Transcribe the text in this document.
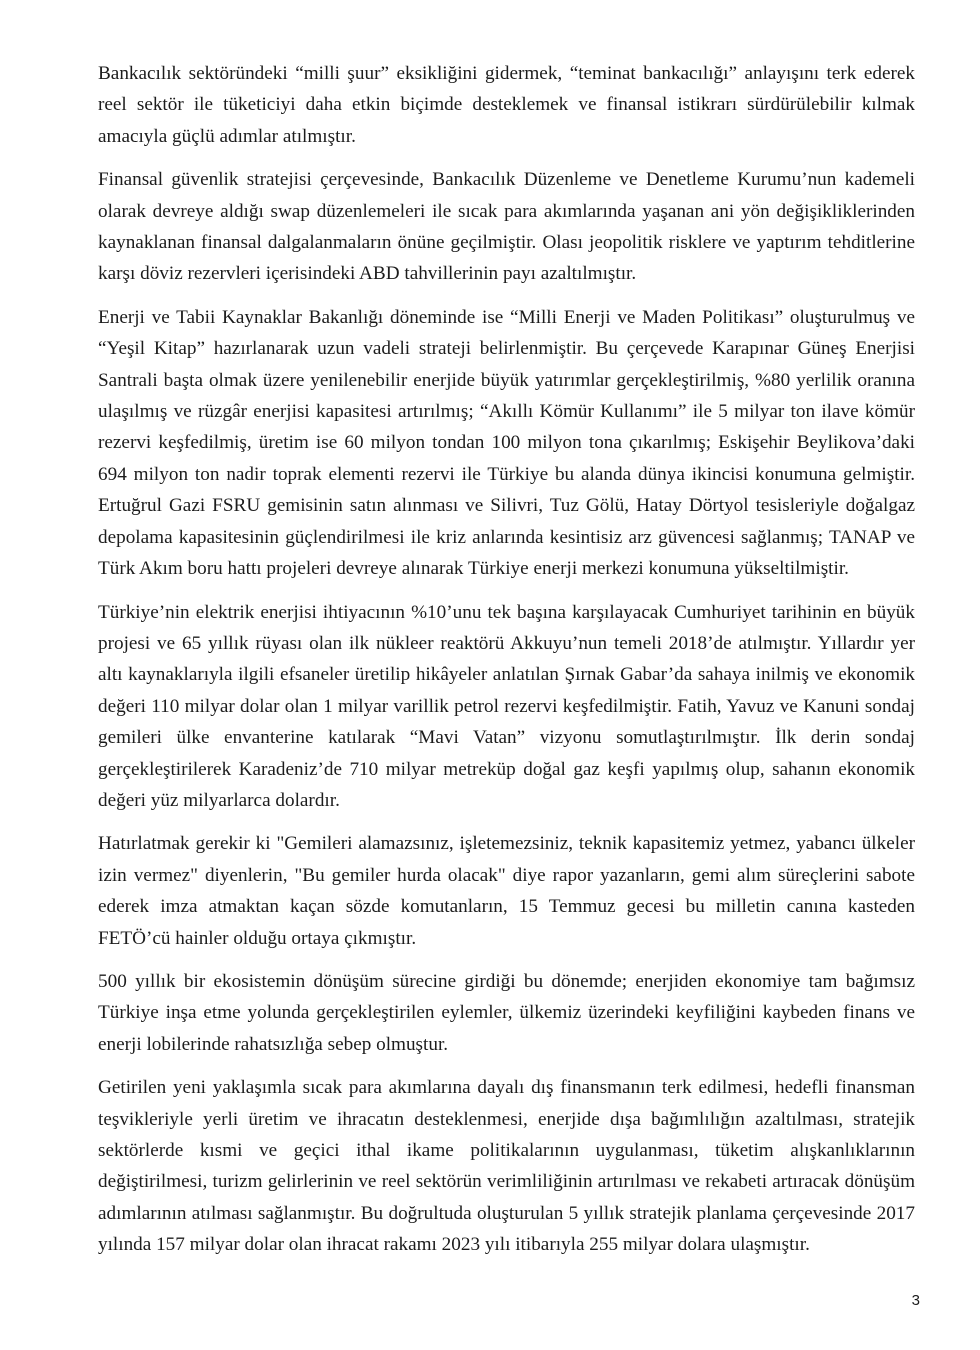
Bankacılık sektöründeki “milli şuur” eksikliğini gidermek, “teminat bankacılığı” anlayışını terk ederek reel sektör ile tüketiciyi daha etkin biçimde desteklemek ve finansal istikrarı sürdürülebilir kılmak amacıyla güçlü adımlar atılmıştır.

Finansal güvenlik stratejisi çerçevesinde, Bankacılık Düzenleme ve Denetleme Kurumu’nun kademeli olarak devreye aldığı swap düzenlemeleri ile sıcak para akımlarında yaşanan ani yön değişikliklerinden kaynaklanan finansal dalgalanmaların önüne geçilmiştir. Olası jeopolitik risklere ve yaptırım tehditlerine karşı döviz rezervleri içerisindeki ABD tahvillerinin payı azaltılmıştır.

Enerji ve Tabii Kaynaklar Bakanlığı döneminde ise “Milli Enerji ve Maden Politikası” oluşturulmuş ve “Yeşil Kitap” hazırlanarak uzun vadeli strateji belirlenmiştir. Bu çerçevede Karapınar Güneş Enerjisi Santrali başta olmak üzere yenilenebilir enerjide büyük yatırımlar gerçekleştirilmiş, %80 yerlilik oranına ulaşılmış ve rüzgâr enerjisi kapasitesi artırılmış; “Akıllı Kömür Kullanımı” ile 5 milyar ton ilave kömür rezervi keşfedilmiş, üretim ise 60 milyon tondan 100 milyon tona çıkarılmış; Eskişehir Beylikova’daki 694 milyon ton nadir toprak elementi rezervi ile Türkiye bu alanda dünya ikincisi konumuna gelmiştir. Ertuğrul Gazi FSRU gemisinin satın alınması ve Silivri, Tuz Gölü, Hatay Dörtyol tesisleriyle doğalgaz depolama kapasitesinin güçlendirilmesi ile kriz anlarında kesintisiz arz güvencesi sağlanmış; TANAP ve Türk Akım boru hattı projeleri devreye alınarak Türkiye enerji merkezi konumuna yükseltilmiştir.

Türkiye’nin elektrik enerjisi ihtiyacının %10’unu tek başına karşılayacak Cumhuriyet tarihinin en büyük projesi ve 65 yıllık rüyası olan ilk nükleer reaktörü Akkuyu’nun temeli 2018’de atılmıştır. Yıllardır yer altı kaynaklarıyla ilgili efsaneler üretilip hikâyeler anlatılan Şırnak Gabar’da sahaya inilmiş ve ekonomik değeri 110 milyar dolar olan 1 milyar varillik petrol rezervi keşfedilmiştir. Fatih, Yavuz ve Kanuni sondaj gemileri ülke envanterine katılarak “Mavi Vatan” vizyonu somutlaştırılmıştır. İlk derin sondaj gerçekleştirilerek Karadeniz’de 710 milyar metreküp doğal gaz keşfi yapılmış olup, sahanın ekonomik değeri yüz milyarlarca dolardır.

Hatırlatmak gerekir ki "Gemileri alamazsınız, işletemezsiniz, teknik kapasitemiz yetmez, yabancı ülkeler izin vermez" diyenlerin, "Bu gemiler hurda olacak" diye rapor yazanların, gemi alım süreçlerini sabote ederek imza atmaktan kaçan sözde komutanların, 15 Temmuz gecesi bu milletin canına kasteden FETÖ’cü hainler olduğu ortaya çıkmıştır.

500 yıllık bir ekosistemin dönüşüm sürecine girdiği bu dönemde; enerjiden ekonomiye tam bağımsız Türkiye inşa etme yolunda gerçekleştirilen eylemler, ülkemiz üzerindeki keyfiliğini kaybeden finans ve enerji lobilerinde rahatsızlığa sebep olmuştur.

Getirilen yeni yaklaşımla sıcak para akımlarına dayalı dış finansmanın terk edilmesi, hedefli finansman teşvikleriyle yerli üretim ve ihracatın desteklenmesi, enerjide dışa bağımlılığın azaltılması, stratejik sektörlerde kısmi ve geçici ithal ikame politikalarının uygulanması, tüketim alışkanlıklarının değiştirilmesi, turizm gelirlerinin ve reel sektörün verimliliğinin artırılması ve rekabeti artıracak dönüşüm adımlarının atılması sağlanmıştır. Bu doğrultuda oluşturulan 5 yıllık stratejik planlama çerçevesinde 2017 yılında 157 milyar dolar olan ihracat rakamı 2023 yılı itibarıyla 255 milyar dolara ulaşmıştır.

3
